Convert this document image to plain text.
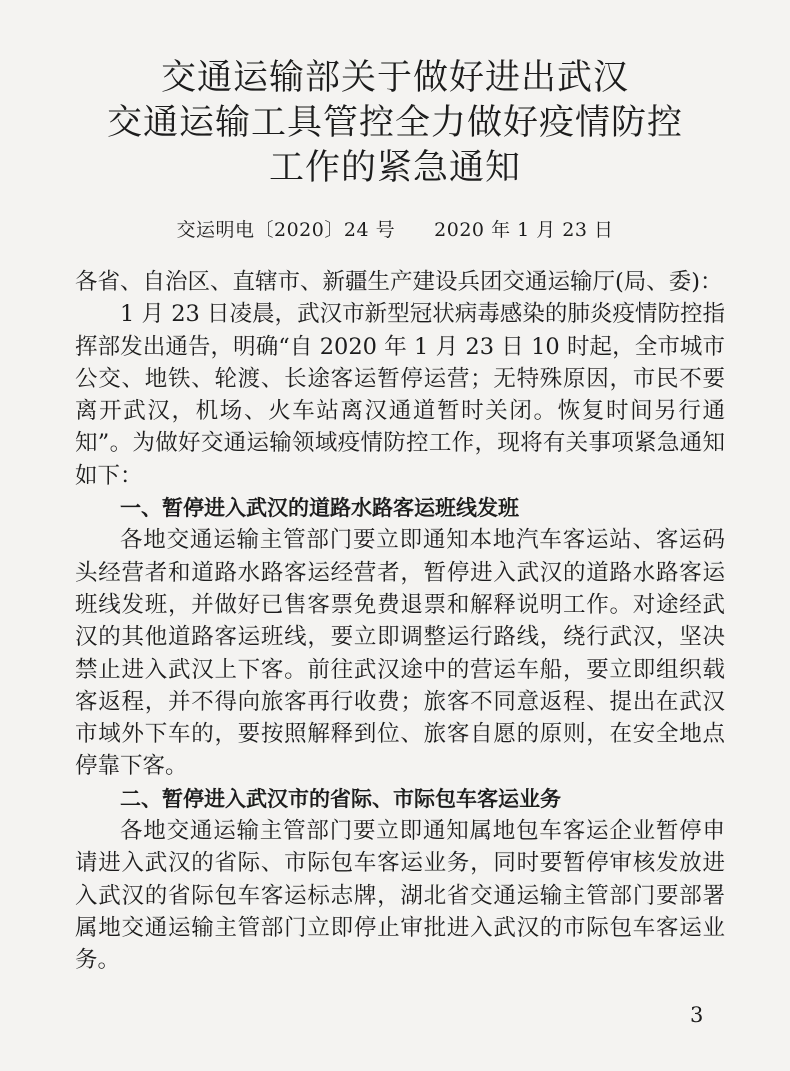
交通运输部关于做好进出武汉
交通运输工具管控全力做好疫情防控
工作的紧急通知
交运明电〔2020〕24 号 2020 年 1 月 23 日

各省、自治区、直辖市、新疆生产建设兵团交通运输厅(局、委)：

1 月 23 日凌晨，武汉市新型冠状病毒感染的肺炎疫情防控指挥部发出通告，明确“自 2020 年 1 月 23 日 10 时起，全市城市公交、地铁、轮渡、长途客运暂停运营；无特殊原因，市民不要离开武汉，机场、火车站离汉通道暂时关闭。恢复时间另行通知”。为做好交通运输领域疫情防控工作，现将有关事项紧急通知如下：

一、暂停进入武汉的道路水路客运班线发班

各地交通运输主管部门要立即通知本地汽车客运站、客运码头经营者和道路水路客运经营者，暂停进入武汉的道路水路客运班线发班，并做好已售客票免费退票和解释说明工作。对途经武汉的其他道路客运班线，要立即调整运行路线，绕行武汉，坚决禁止进入武汉上下客。前往武汉途中的营运车船，要立即组织载客返程，并不得向旅客再行收费；旅客不同意返程、提出在武汉市域外下车的，要按照解释到位、旅客自愿的原则，在安全地点停靠下客。

二、暂停进入武汉市的省际、市际包车客运业务

各地交通运输主管部门要立即通知属地包车客运企业暂停申请进入武汉的省际、市际包车客运业务，同时要暂停审核发放进入武汉的省际包车客运标志牌，湖北省交通运输主管部门要部署属地交通运输主管部门立即停止审批进入武汉的市际包车客运业务。

3
